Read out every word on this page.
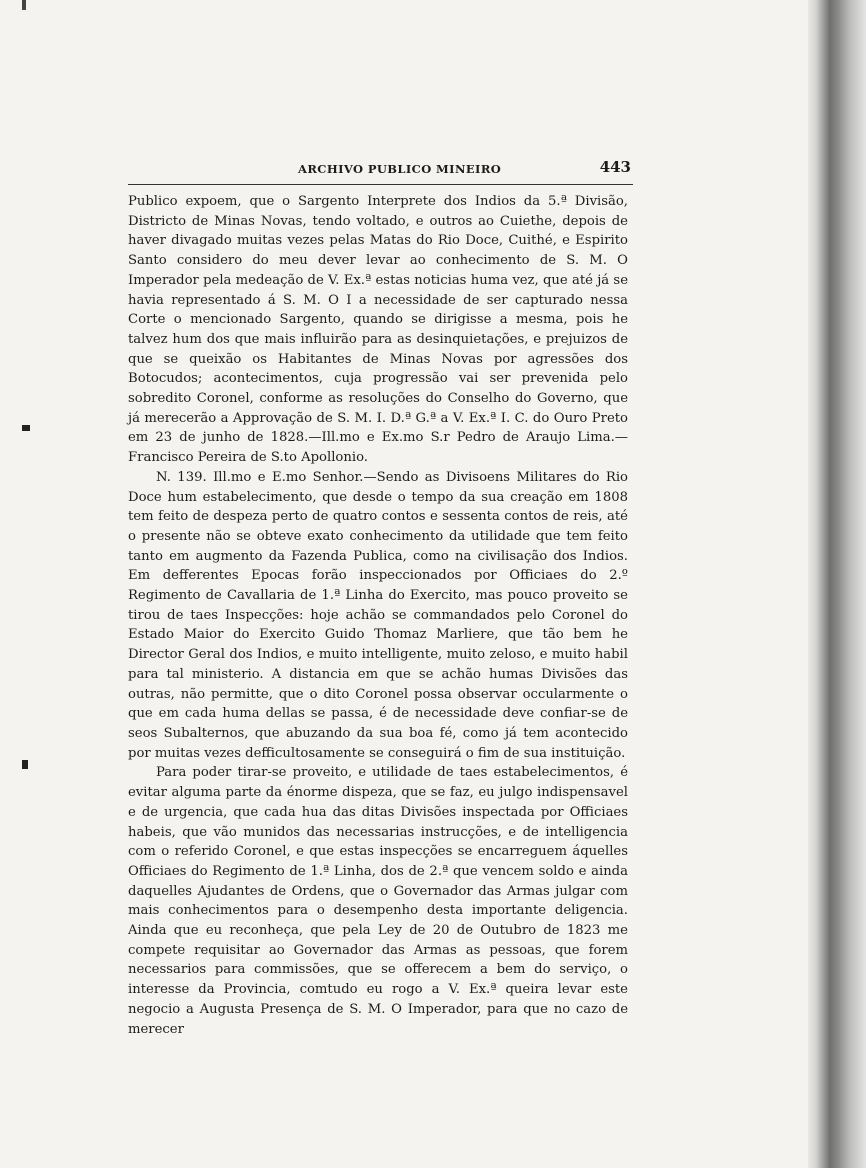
ARCHIVO PUBLICO MINEIRO	443

Publico expoem, que o Sargento Interprete dos Indios da 5.ª Divisão, Districto de Minas Novas, tendo voltado, e outros ao Cuiethe, depois de haver divagado muitas vezes pelas Matas do Rio Doce, Cuithé, e Espirito Santo considero do meu dever levar ao conhecimento de S. M. O Imperador pela medeação de V. Ex.ª estas noticias huma vez, que até já se havia representado á S. M. O I a necessidade de ser capturado nessa Corte o mencionado Sargento, quando se dirigisse a mesma, pois he talvez hum dos que mais influirão para as desinquietações, e prejuizos de que se queixão os Habitantes de Minas Novas por agressões dos Botocudos; acontecimentos, cuja progressão vai ser prevenida pelo sobredito Coronel, conforme as resoluções do Conselho do Governo, que já merecerão a Approvação de S. M. I. D.ª G.ª a V. Ex.ª I. C. do Ouro Preto em 23 de junho de 1828.—Ill.mo e Ex.mo S.r Pedro de Araujo Lima.—Francisco Pereira de S.to Apollonio.

N. 139. Ill.mo e E.mo Senhor.—Sendo as Divisoens Militares do Rio Doce hum estabelecimento, que desde o tempo da sua creação em 1808 tem feito de despeza perto de quatro contos e sessenta contos de reis, até o presente não se obteve exato conhecimento da utilidade que tem feito tanto em augmento da Fazenda Publica, como na civilisação dos Indios. Em defferentes Epocas forão inspeccionados por Officiaes do 2.º Regimento de Cavallaria de 1.ª Linha do Exercito, mas pouco proveito se tirou de taes Inspecções: hoje achão se commandados pelo Coronel do Estado Maior do Exercito Guido Thomaz Marliere, que tão bem he Director Geral dos Indios, e muito intelligente, muito zeloso, e muito habil para tal ministerio. A distancia em que se achão humas Divisões das outras, não permitte, que o dito Coronel possa observar occularmente o que em cada huma dellas se passa, é de necessidade deve confiar-se de seos Subalternos, que abuzando da sua boa fé, como já tem acontecido por muitas vezes defficultosamente se conseguirá o fim de sua instituição.

Para poder tirar-se proveito, e utilidade de taes estabelecimentos, é evitar alguma parte da énorme dispeza, que se faz, eu julgo indispensavel e de urgencia, que cada hua das ditas Divisões inspectada por Officiaes habeis, que vão munidos das necessarias instrucções, e de intelligencia com o referido Coronel, e que estas inspecções se encarreguem áquelles Officiaes do Regimento de 1.ª Linha, dos de 2.ª que vencem soldo e ainda daquelles Ajudantes de Ordens, que o Governador das Armas julgar com mais conhecimentos para o desempenho desta importante deligencia. Ainda que eu reconheça, que pela Ley de 20 de Outubro de 1823 me compete requisitar ao Governador das Armas as pessoas, que forem necessarios para commissões, que se offerecem a bem do serviço, o interesse da Provincia, comtudo eu rogo a V. Ex.ª queira levar este negocio a Augusta Presença de S. M. O Imperador, para que no cazo de merecer
